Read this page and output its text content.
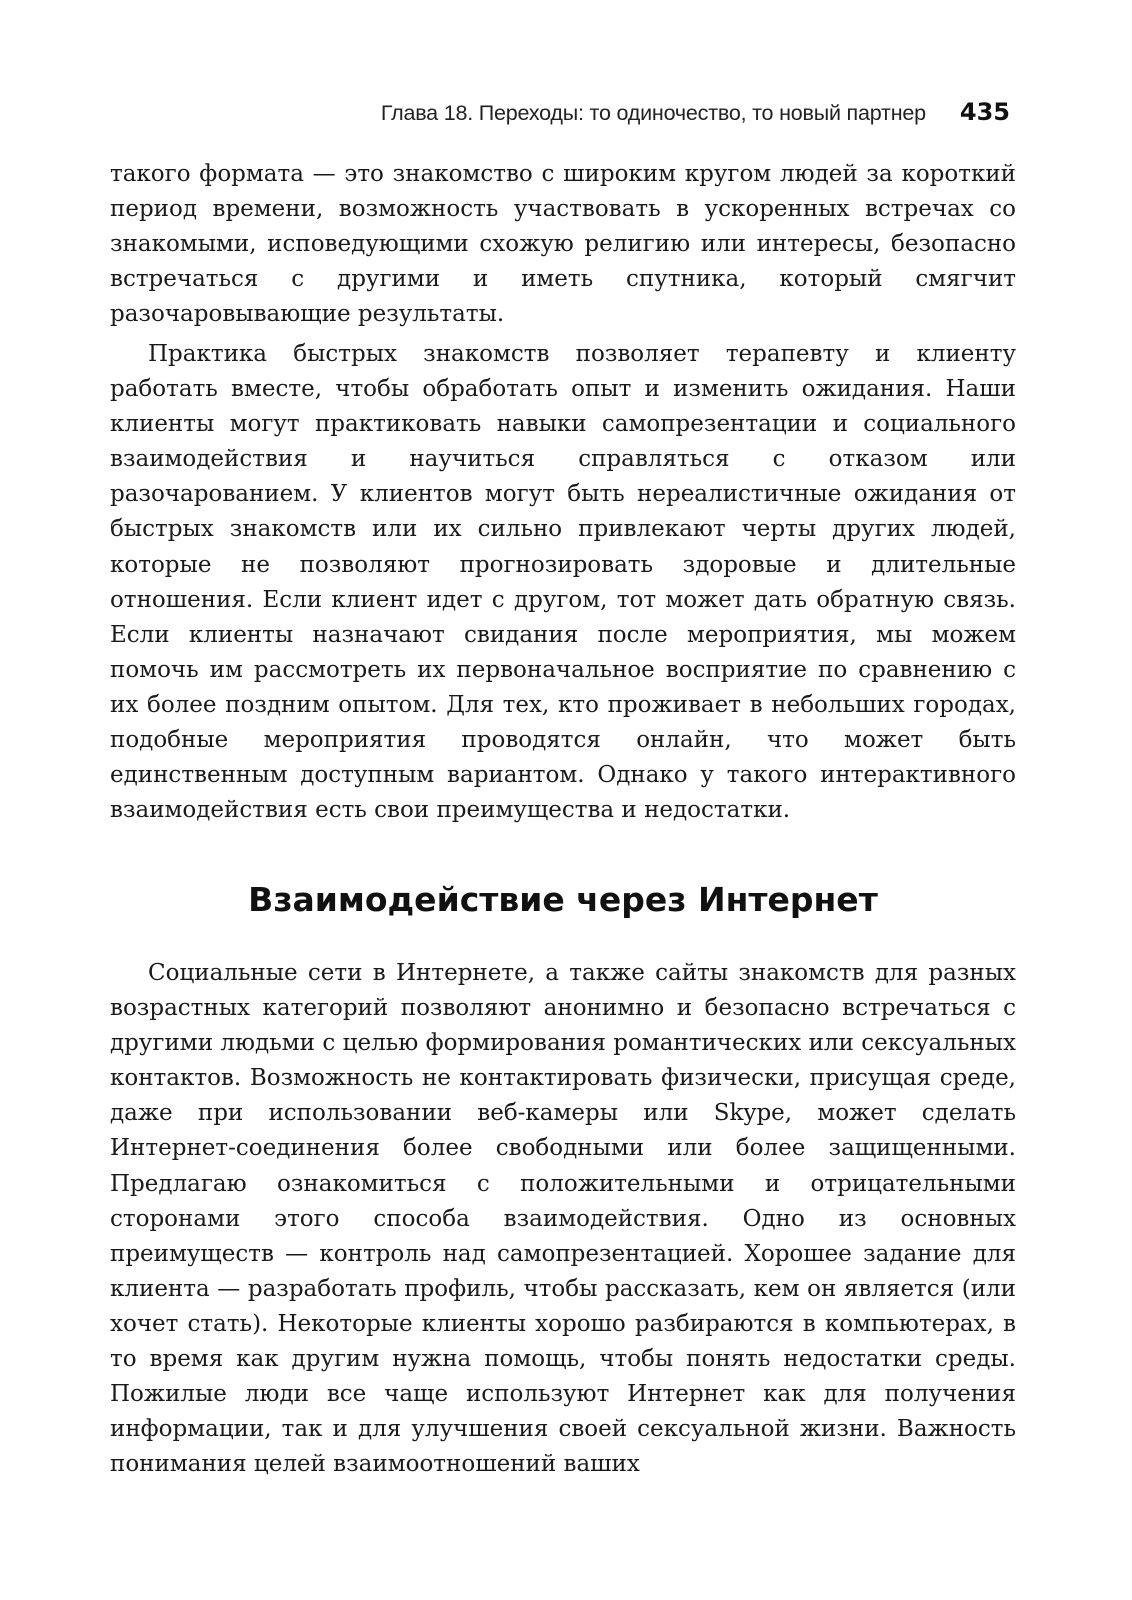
Глава 18. Переходы: то одиночество, то новый партнер 435

такого формата — это знакомство с широким кругом людей за короткий период времени, возможность участвовать в ускоренных встречах со знакомыми, исповедующими схожую религию или интересы, безопасно встречаться с другими и иметь спутника, который смягчит разочаровывающие результаты.

Практика быстрых знакомств позволяет терапевту и клиенту работать вместе, чтобы обработать опыт и изменить ожидания. Наши клиенты могут практиковать навыки самопрезентации и социального взаимодействия и научиться справляться с отказом или разочарованием. У клиентов могут быть нереалистичные ожидания от быстрых знакомств или их сильно привлекают черты других людей, которые не позволяют прогнозировать здоровые и длительные отношения. Если клиент идет с другом, тот может дать обратную связь. Если клиенты назначают свидания после мероприятия, мы можем помочь им рассмотреть их первоначальное восприятие по сравнению с их более поздним опытом. Для тех, кто проживает в небольших городах, подобные мероприятия проводятся онлайн, что может быть единственным доступным вариантом. Однако у такого интерактивного взаимодействия есть свои преимущества и недостатки.

Взаимодействие через Интернет

Социальные сети в Интернете, а также сайты знакомств для разных возрастных категорий позволяют анонимно и безопасно встречаться с другими людьми с целью формирования романтических или сексуальных контактов. Возможность не контактировать физически, присущая среде, даже при использовании веб-камеры или Skype, может сделать Интернет-соединения более свободными или более защищенными. Предлагаю ознакомиться с положительными и отрицательными сторонами этого способа взаимодействия. Одно из основных преимуществ — контроль над самопрезентацией. Хорошее задание для клиента — разработать профиль, чтобы рассказать, кем он является (или хочет стать). Некоторые клиенты хорошо разбираются в компьютерах, в то время как другим нужна помощь, чтобы понять недостатки среды. Пожилые люди все чаще используют Интернет как для получения информации, так и для улучшения своей сексуальной жизни. Важность понимания целей взаимоотношений ваших
